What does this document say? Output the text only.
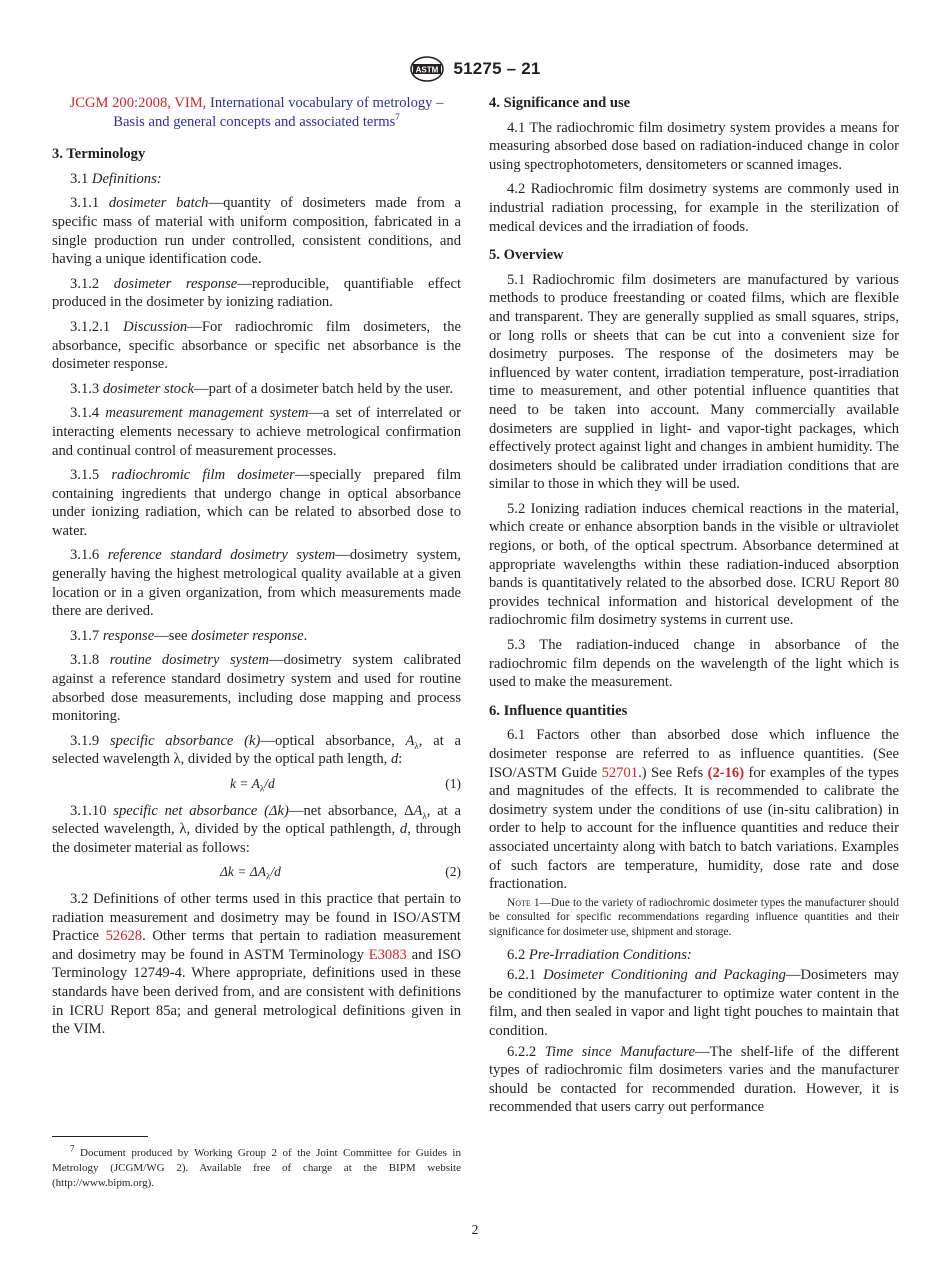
ASTM 51275 – 21

JCGM 200:2008, VIM, International vocabulary of metrology – Basis and general concepts and associated terms$^7$

3. Terminology

3.1 Definitions:

3.1.1 dosimeter batch—quantity of dosimeters made from a specific mass of material with uniform composition, fabricated in a single production run under controlled, consistent conditions, and having a unique identification code.

3.1.2 dosimeter response—reproducible, quantifiable effect produced in the dosimeter by ionizing radiation.

3.1.2.1 Discussion—For radiochromic film dosimeters, the absorbance, specific absorbance or specific net absorbance is the dosimeter response.

3.1.3 dosimeter stock—part of a dosimeter batch held by the user.

3.1.4 measurement management system—a set of interrelated or interacting elements necessary to achieve metrological confirmation and continual control of measurement processes.

3.1.5 radiochromic film dosimeter—specially prepared film containing ingredients that undergo change in optical absorbance under ionizing radiation, which can be related to absorbed dose to water.

3.1.6 reference standard dosimetry system—dosimetry system, generally having the highest metrological quality available at a given location or in a given organization, from which measurements made there are derived.

3.1.7 response—see dosimeter response.

3.1.8 routine dosimetry system—dosimetry system calibrated against a reference standard dosimetry system and used for routine absorbed dose measurements, including dose mapping and process monitoring.

3.1.9 specific absorbance (k)—optical absorbance, $A_\lambda$, at a selected wavelength λ, divided by the optical path length, d:

$k = A_\lambda/d$	(1)

3.1.10 specific net absorbance (Δk)—net absorbance, $\Delta A_\lambda$, at a selected wavelength, λ, divided by the optical pathlength, d, through the dosimeter material as follows:

$\Delta k = \Delta A_\lambda/d$	(2)

3.2 Definitions of other terms used in this practice that pertain to radiation measurement and dosimetry may be found in ISO/ASTM Practice 52628. Other terms that pertain to radiation measurement and dosimetry may be found in ASTM Terminology E3083 and ISO Terminology 12749-4. Where appropriate, definitions used in these standards have been derived from, and are consistent with definitions in ICRU Report 85a; and general metrological definitions given in the VIM.

$^7$ Document produced by Working Group 2 of the Joint Committee for Guides in Metrology (JCGM/WG 2). Available free of charge at the BIPM website (http://www.bipm.org).
4. Significance and use

4.1 The radiochromic film dosimetry system provides a means for measuring absorbed dose based on radiation-induced change in color using spectrophotometers, densitometers or scanned images.

4.2 Radiochromic film dosimetry systems are commonly used in industrial radiation processing, for example in the sterilization of medical devices and the irradiation of foods.

5. Overview

5.1 Radiochromic film dosimeters are manufactured by various methods to produce freestanding or coated films, which are flexible and transparent. They are generally supplied as small squares, strips, or long rolls or sheets that can be cut into a convenient size for dosimetry purposes. The response of the dosimeters may be influenced by water content, irradiation temperature, post-irradiation time to measurement, and other potential influence quantities that need to be taken into account. Many commercially available dosimeters are supplied in light- and vapor-tight packages, which effectively protect against light and changes in ambient humidity. The dosimeters should be calibrated under irradiation conditions that are similar to those in which they will be used.

5.2 Ionizing radiation induces chemical reactions in the material, which create or enhance absorption bands in the visible or ultraviolet regions, or both, of the optical spectrum. Absorbance determined at appropriate wavelengths within these radiation-induced absorption bands is quantitatively related to the absorbed dose. ICRU Report 80 provides technical information and historical development of the radiochromic film dosimetry systems in current use.

5.3 The radiation-induced change in absorbance of the radiochromic film depends on the wavelength of the light which is used to make the measurement.

6. Influence quantities

6.1 Factors other than absorbed dose which influence the dosimeter response are referred to as influence quantities. (See ISO/ASTM Guide 52701.) See Refs (2-16) for examples of the types and magnitudes of the effects. It is recommended to calibrate the dosimetry system under the conditions of use (in-situ calibration) in order to help to account for the influence quantities and reduce their associated uncertainty along with batch to batch variations. Examples of such factors are temperature, humidity, dose rate and dose fractionation.

Note 1—Due to the variety of radiochromic dosimeter types the manufacturer should be consulted for specific recommendations regarding influence quantities and their significance for dosimeter use, shipment and storage.

6.2 Pre-Irradiation Conditions:

6.2.1 Dosimeter Conditioning and Packaging—Dosimeters may be conditioned by the manufacturer to optimize water content in the film, and then sealed in vapor and light tight pouches to maintain that condition.

6.2.2 Time since Manufacture—The shelf-life of the different types of radiochromic film dosimeters varies and the manufacturer should be contacted for recommended duration. However, it is recommended that users carry out performance

2
